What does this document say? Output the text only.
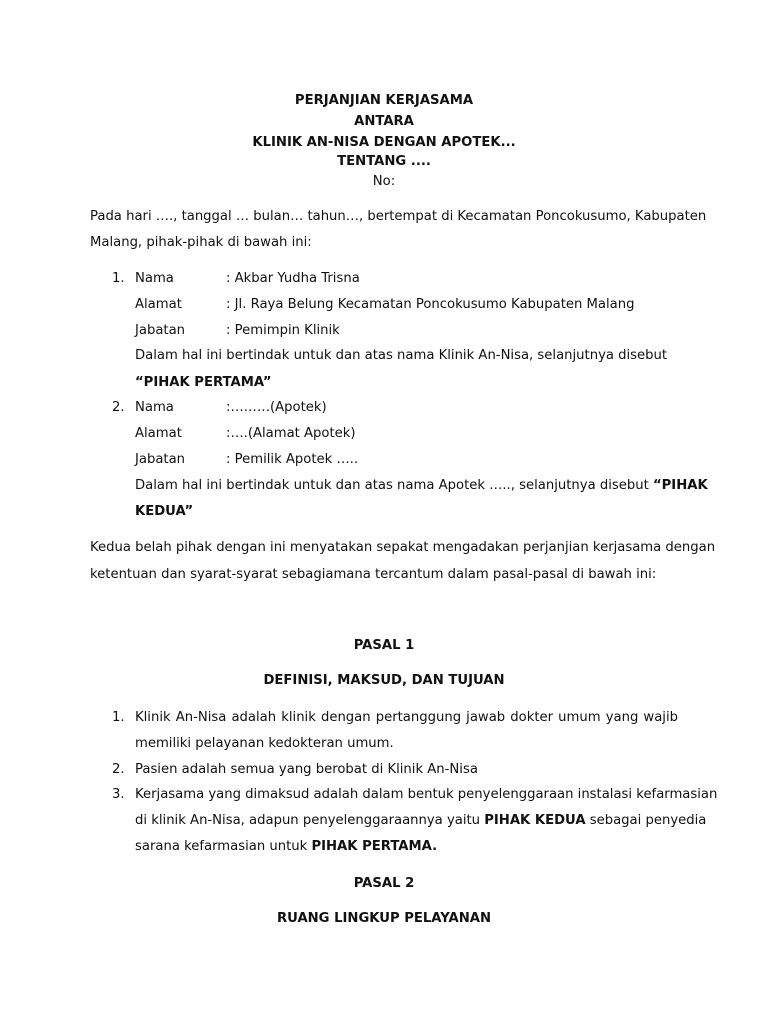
PERJANJIAN KERJASAMA
ANTARA
KLINIK AN-NISA DENGAN APOTEK...
TENTANG ....
No:
Pada hari …., tanggal … bulan… tahun…, bertempat di Kecamatan Poncokusumo, Kabupaten
Malang, pihak-pihak di bawah ini:
1. Nama	: Akbar Yudha Trisna
Alamat	: Jl. Raya Belung Kecamatan Poncokusumo Kabupaten Malang
Jabatan	: Pemimpin Klinik
Dalam hal ini bertindak untuk dan atas nama Klinik An-Nisa, selanjutnya disebut
“PIHAK PERTAMA”
2. Nama	:………(Apotek)
Alamat	:….(Alamat Apotek)
Jabatan	: Pemilik Apotek …..
Dalam hal ini bertindak untuk dan atas nama Apotek ….., selanjutnya disebut “PIHAK
KEDUA”
Kedua belah pihak dengan ini menyatakan sepakat mengadakan perjanjian kerjasama dengan
ketentuan dan syarat-syarat sebagiamana tercantum dalam pasal-pasal di bawah ini:
PASAL 1
DEFINISI, MAKSUD, DAN TUJUAN
1. Klinik An-Nisa adalah klinik dengan pertanggung jawab dokter umum yang wajib
memiliki pelayanan kedokteran umum.
2. Pasien adalah semua yang berobat di Klinik An-Nisa
3. Kerjasama yang dimaksud adalah dalam bentuk penyelenggaraan instalasi kefarmasian
di klinik An-Nisa, adapun penyelenggaraannya yaitu PIHAK KEDUA sebagai penyedia
sarana kefarmasian untuk PIHAK PERTAMA.
PASAL 2
RUANG LINGKUP PELAYANAN
